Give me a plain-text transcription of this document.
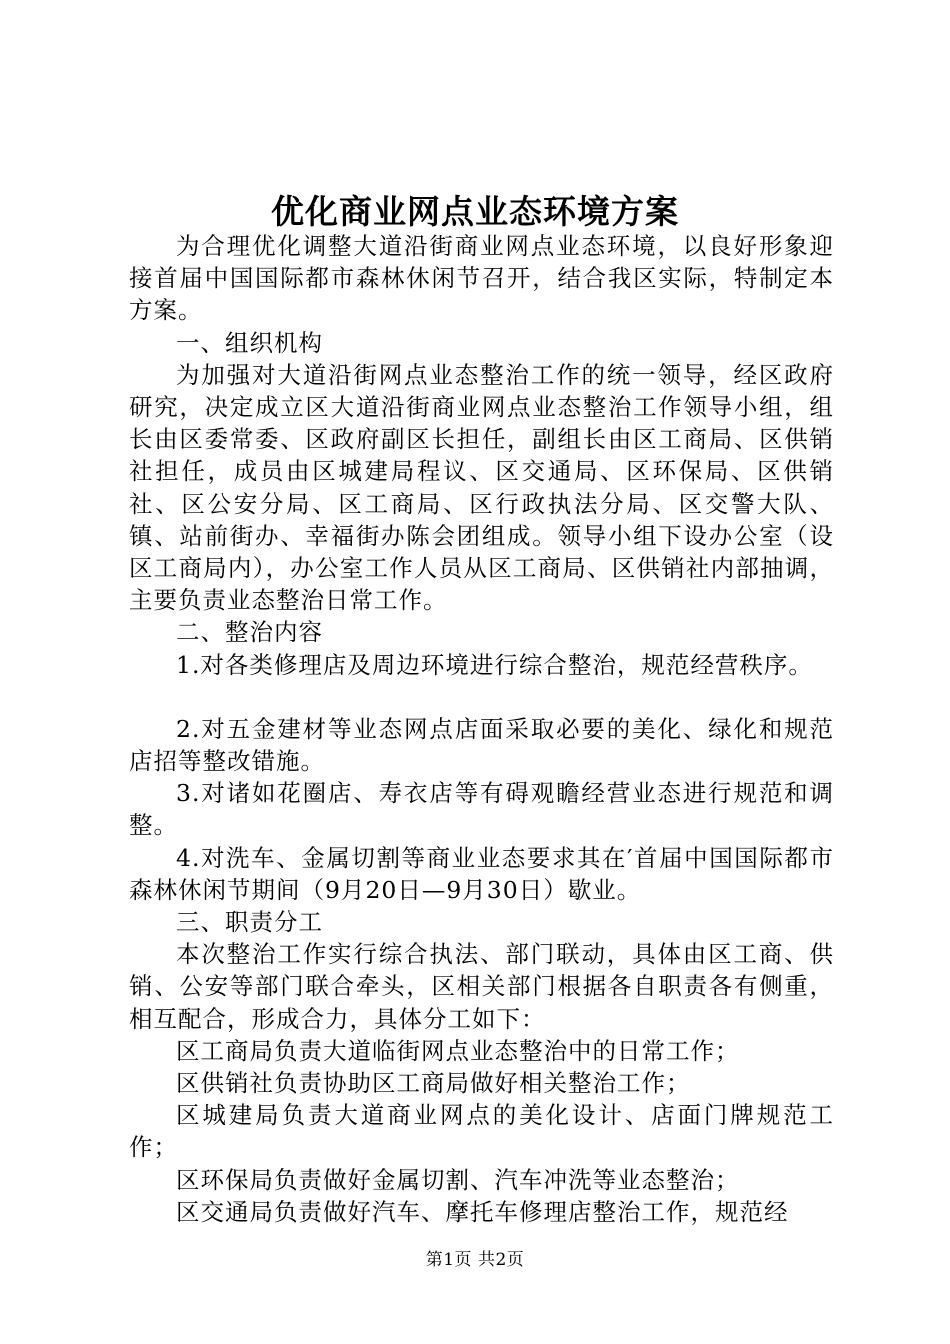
优化商业网点业态环境方案

为合理优化调整大道沿街商业网点业态环境，以良好形象迎接首届中国国际都市森林休闲节召开，结合我区实际，特制定本方案。

一、组织机构

为加强对大道沿街网点业态整治工作的统一领导，经区政府研究，决定成立区大道沿街商业网点业态整治工作领导小组，组长由区委常委、区政府副区长担任，副组长由区工商局、区供销社担任，成员由区城建局程议、区交通局、区环保局、区供销社、区公安分局、区工商局、区行政执法分局、区交警大队、镇、站前街办、幸福街办陈会团组成。领导小组下设办公室（设区工商局内），办公室工作人员从区工商局、区供销社内部抽调，主要负责业态整治日常工作。

二、整治内容

1.对各类修理店及周边环境进行综合整治，规范经营秩序。

2.对五金建材等业态网点店面采取必要的美化、绿化和规范店招等整改错施。

3.对诸如花圈店、寿衣店等有碍观瞻经营业态进行规范和调整。

4.对洗车、金属切割等商业业态要求其在′首届中国国际都市森林休闲节期间（9月20日—9月30日）歇业。

三、职责分工

本次整治工作实行综合执法、部门联动，具体由区工商、供销、公安等部门联合牵头，区相关部门根据各自职责各有侧重，相互配合，形成合力，具体分工如下：

区工商局负责大道临街网点业态整治中的日常工作；

区供销社负责协助区工商局做好相关整治工作；

区城建局负责大道商业网点的美化设计、店面门牌规范工作；

区环保局负责做好金属切割、汽车冲洗等业态整治；

区交通局负责做好汽车、摩托车修理店整治工作，规范经

第1页 共2页
